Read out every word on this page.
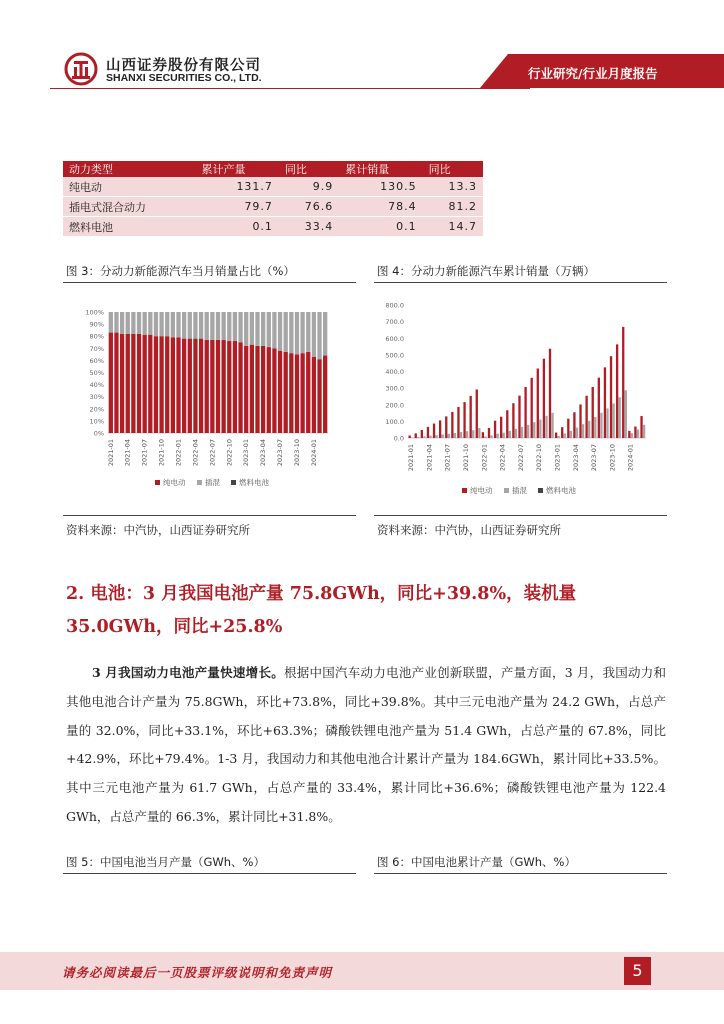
山西证券股份有限公司
SHANXI SECURITIES CO., LTD.	行业研究/行业月度报告
动力类型	累计产量	同比	累计销量	同比
纯电动	131.7	9.9	130.5	13.3
插电式混合动力	79.7	76.6	78.4	81.2
燃料电池	0.1	33.4	0.1	14.7
图 3：分动力新能源汽车当月销量占比（%）	图 4：分动力新能源汽车累计销量（万辆）
0%
10%
20%
30%
40%
50%
60%
70%
80%
90%
100%
2021-01 2021-04 2021-07 2021-10 2022-01 2022-04 2022-07 2022-10 2023-01 2023-04 2023-07 2023-10 2024-01
纯电动	插混	燃料电池
0.0
100.0
200.0
300.0
400.0
500.0
600.0
700.0
800.0
2021-01 2021-04 2021-07 2021-10 2022-01 2022-04 2022-07 2022-10 2023-01 2023-04 2023-07 2023-10 2024-01
纯电动	插混	燃料电池
资料来源：中汽协，山西证券研究所	资料来源：中汽协，山西证券研究所
2. 电池：3 月我国电池产量 75.8GWh，同比+39.8%，装机量 35.0GWh，同比+25.8%
3 月我国动力电池产量快速增长。根据中国汽车动力电池产业创新联盟，产量方面，3 月，我国动力和其他电池合计产量为 75.8GWh，环比+73.8%，同比+39.8%。其中三元电池产量为 24.2 GWh，占总产量的 32.0%，同比+33.1%，环比+63.3%；磷酸铁锂电池产量为 51.4 GWh，占总产量的 67.8%，同比+42.9%，环比+79.4%。1-3 月，我国动力和其他电池合计累计产量为 184.6GWh，累计同比+33.5%。其中三元电池产量为 61.7 GWh，占总产量的 33.4%，累计同比+36.6%；磷酸铁锂电池产量为 122.4 GWh，占总产量的 66.3%，累计同比+31.8%。
图 5：中国电池当月产量（GWh、%）	图 6：中国电池累计产量（GWh、%）
请务必阅读最后一页股票评级说明和免责声明	5
